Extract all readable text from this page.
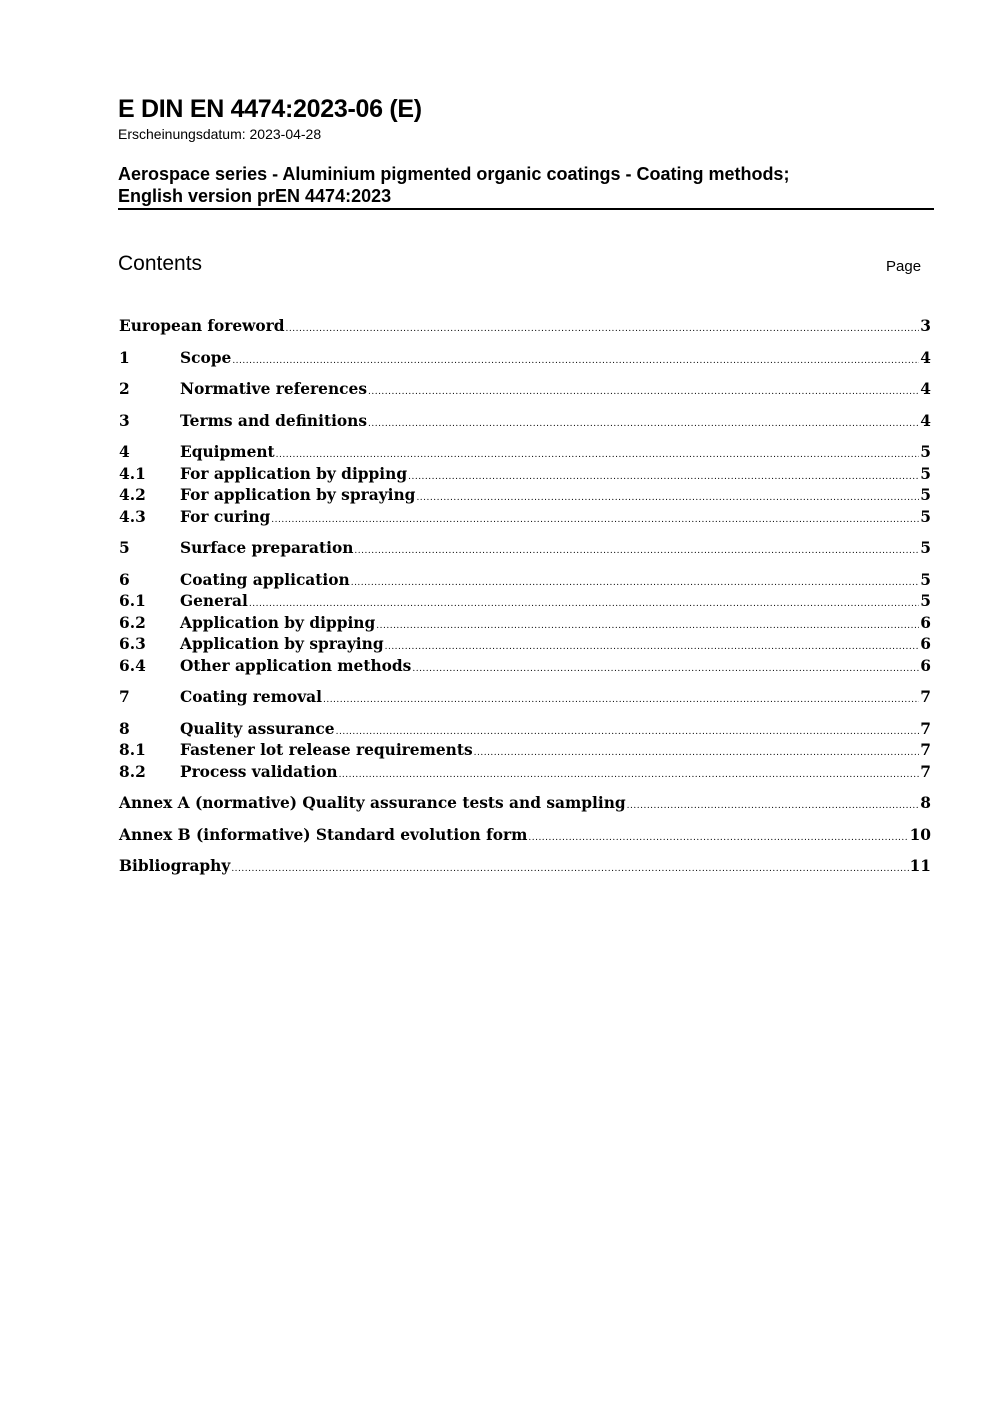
E DIN EN 4474:2023-06 (E)
Erscheinungsdatum: 2023-04-28
Aerospace series - Aluminium pigmented organic coatings - Coating methods;
English version prEN 4474:2023
Contents	Page
European foreword .....	3
1	Scope .....	4
2	Normative references .....	4
3	Terms and definitions .....	4
4	Equipment .....	5
4.1	For application by dipping .....	5
4.2	For application by spraying .....	5
4.3	For curing .....	5
5	Surface preparation .....	5
6	Coating application .....	5
6.1	General .....	5
6.2	Application by dipping .....	6
6.3	Application by spraying .....	6
6.4	Other application methods .....	6
7	Coating removal .....	7
8	Quality assurance .....	7
8.1	Fastener lot release requirements .....	7
8.2	Process validation .....	7
Annex A (normative) Quality assurance tests and sampling .....	8
Annex B (informative) Standard evolution form .....	10
Bibliography .....	11
